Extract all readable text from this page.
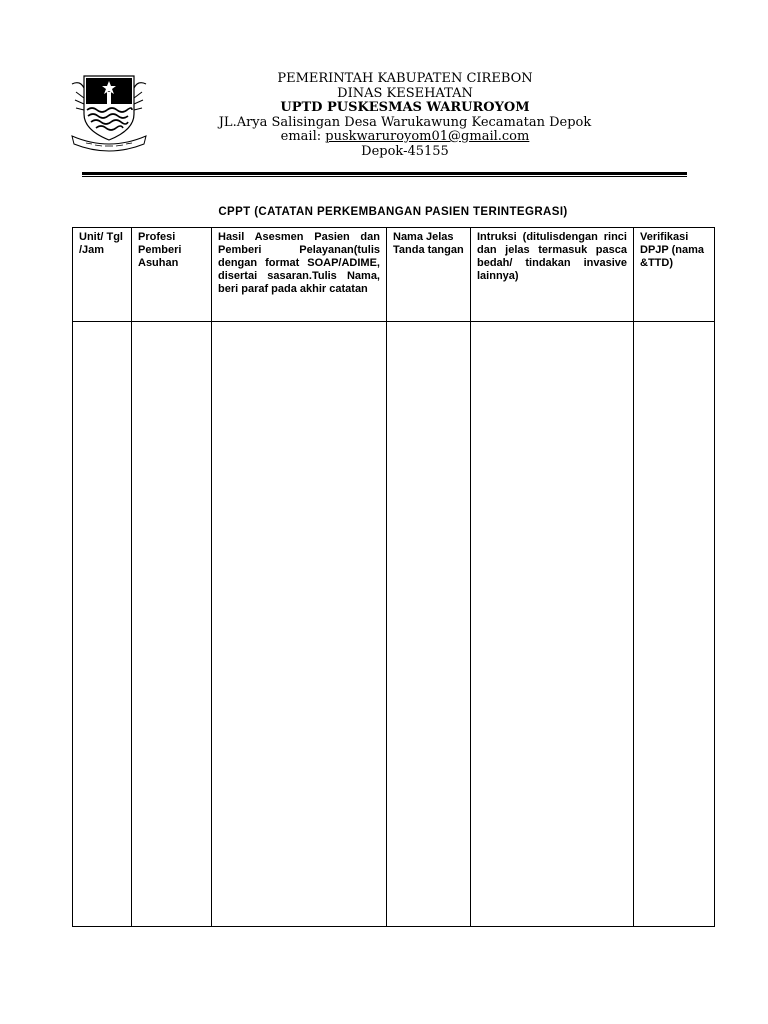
PEMERINTAH KABUPATEN CIREBON
DINAS KESEHATAN
UPTD PUSKESMAS WARUROYOM
JL.Arya Salisingan Desa Warukawung Kecamatan Depok
email: puskwaruroyom01@gmail.com
Depok-45155
CPPT (CATATAN PERKEMBANGAN PASIEN TERINTEGRASI)
Unit/ Tgl /Jam	Profesi Pemberi Asuhan	Hasil Asesmen Pasien dan Pemberi Pelayanan(tulis dengan format SOAP/ADIME, disertai sasaran.Tulis Nama, beri paraf pada akhir catatan	Nama Jelas Tanda tangan	Intruksi (ditulisdengan rinci dan jelas termasuk pasca bedah/ tindakan invasive lainnya)	Verifikasi DPJP (nama &TTD)
